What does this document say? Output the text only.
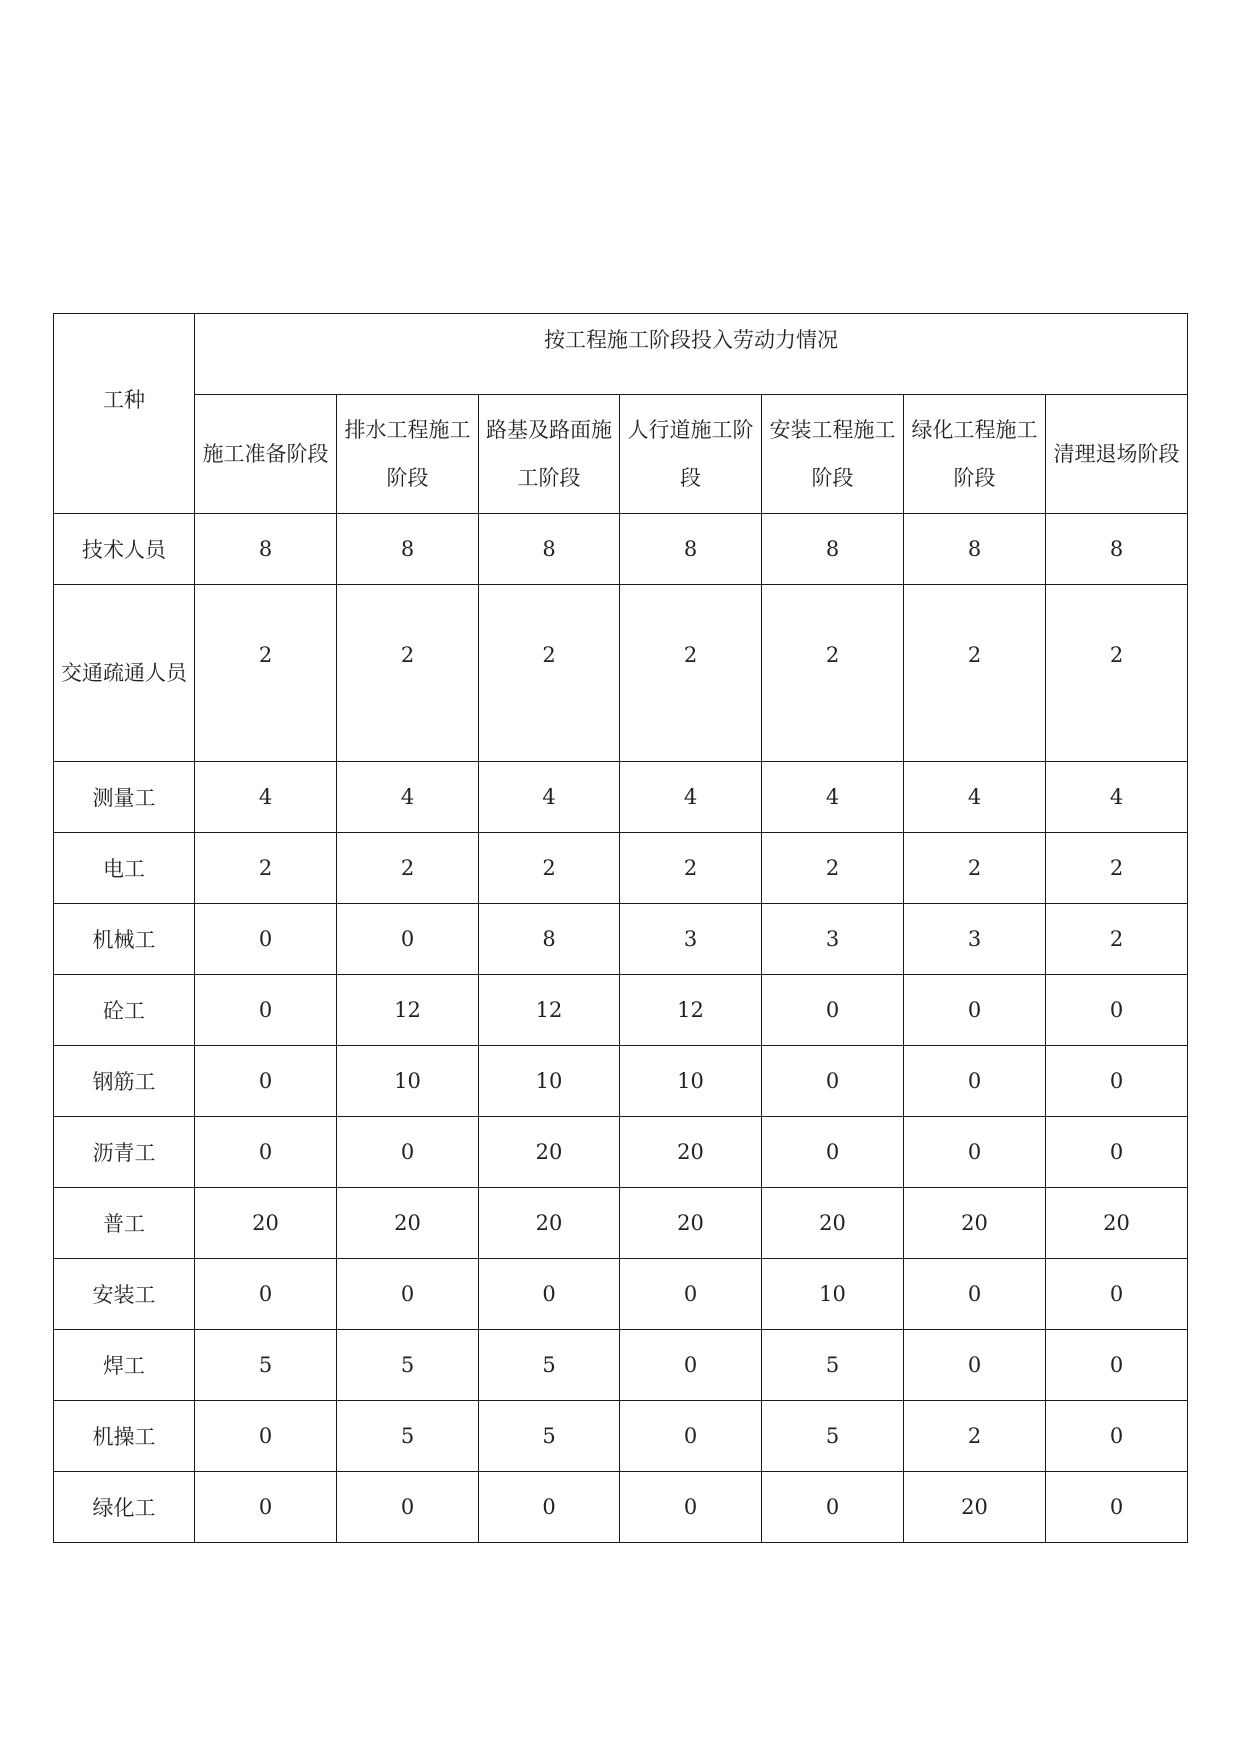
工种	按工程施工阶段投入劳动力情况						
	施工准备阶段	排水工程施工阶段	路基及路面施工阶段	人行道施工阶段	安装工程施工阶段	绿化工程施工阶段	清理退场阶段
技术人员	8	8	8	8	8	8	8
交通疏通人员	2	2	2	2	2	2	2
测量工	4	4	4	4	4	4	4
电工	2	2	2	2	2	2	2
机械工	0	0	8	3	3	3	2
砼工	0	12	12	12	0	0	0
钢筋工	0	10	10	10	0	0	0
沥青工	0	0	20	20	0	0	0
普工	20	20	20	20	20	20	20
安装工	0	0	0	0	10	0	0
焊工	5	5	5	0	5	0	0
机操工	0	5	5	0	5	2	0
绿化工	0	0	0	0	0	20	0
